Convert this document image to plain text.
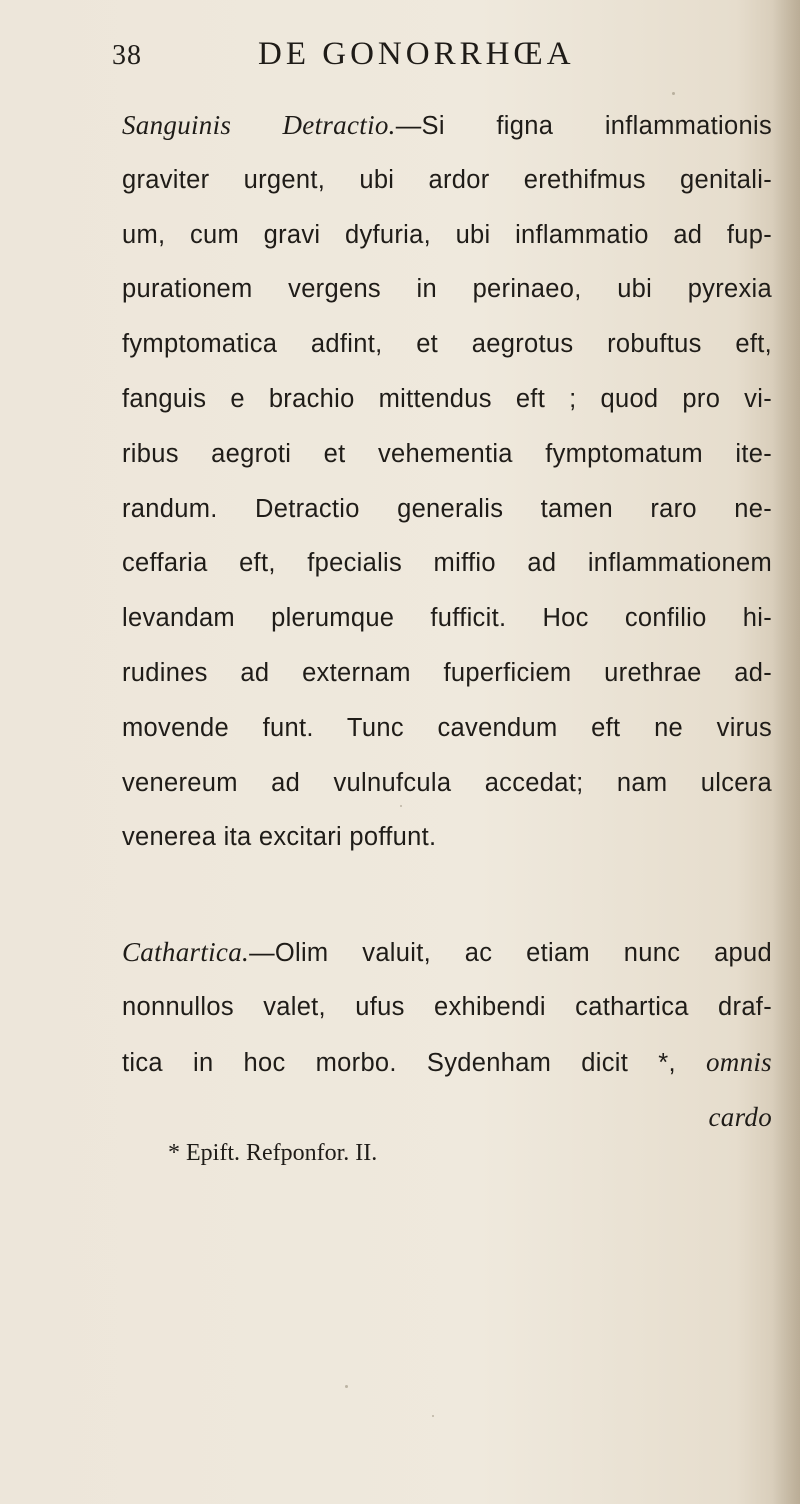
38	DE GONORRHŒA
Sanguinis Detractio.—Si figna inflammationis
graviter urgent, ubi ardor erethifmus genitali-
um, cum gravi dyfuria, ubi inflammatio ad fup-
purationem vergens in perinaeo, ubi pyrexia
fymptomatica adfint, et aegrotus robuftus eft,
fanguis e brachio mittendus eft ; quod pro vi-
ribus aegroti et vehementia fymptomatum ite-
randum. Detractio generalis tamen raro ne-
ceffaria eft, fpecialis miffio ad inflammationem
levandam plerumque fufficit. Hoc confilio hi-
rudines ad externam fuperficiem urethrae ad-
movende funt. Tunc cavendum eft ne virus
venereum ad vulnufcula accedat; nam ulcera
venerea ita excitari poffunt.
Cathartica.—Olim valuit, ac etiam nunc apud
nonnullos valet, ufus exhibendi cathartica draf-
tica in hoc morbo. Sydenham dicit *, omnis
cardo
* Epift. Refponfor. II.
